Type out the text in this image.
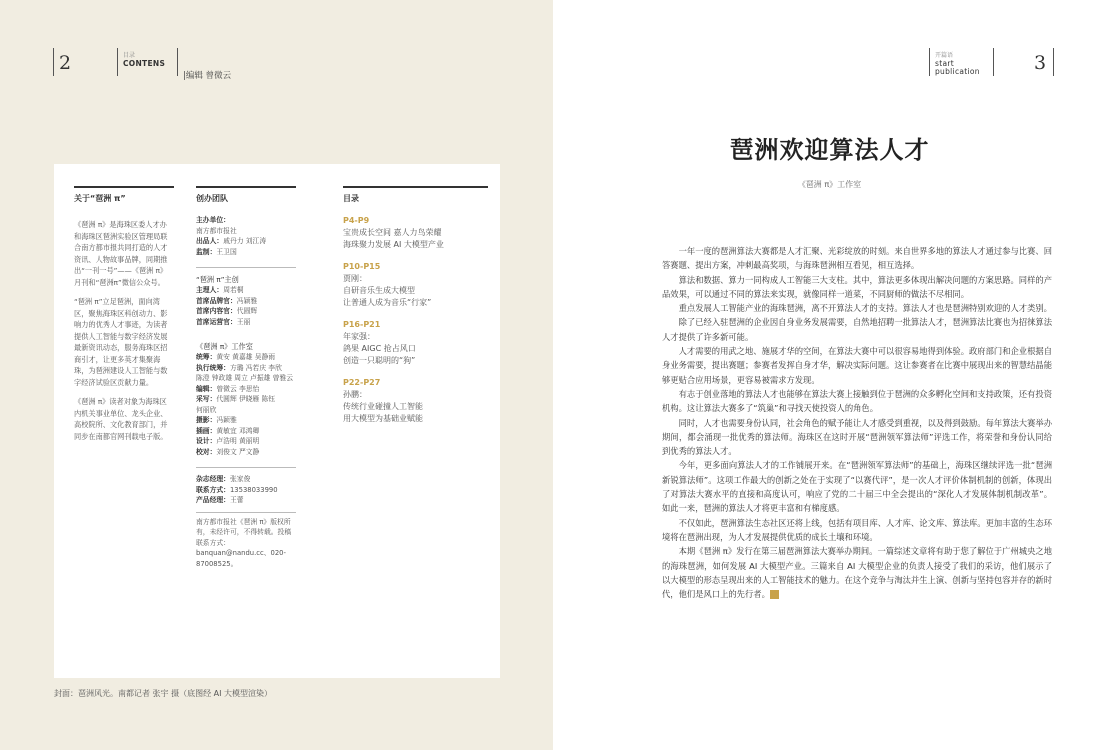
2	目录
CONTENS
|编辑 曾微云
关于“琶洲 π”

《琶洲 π》是海珠区委人才办和海珠区琶洲实验区管理局联合南方都市报共同打造的人才资讯、人物故事品牌，同期推出“一刊一号”——《琶洲 π》月刊和“琶洲π”微信公众号。

“琶洲 π”立足琶洲，面向湾区，聚焦海珠区科创动力、影响力的优秀人才事迹，为读者提供人工智能与数字经济发展最新资讯动态，服务海珠区招商引才，让更多英才集聚海珠，为琶洲建设人工智能与数字经济试验区贡献力量。

《琶洲 π》读者对象为海珠区内机关事业单位、龙头企业、高校院所、文化教育部门，并同步在南都官网刊载电子版。

创办团队
主办单位：
南方都市报社
出品人：戚丹力 刘江涛
监制：王卫国
“琶洲 π”主创
主理人：周若桐
首席品牌官：冯颖雅
首席内容官：代圆辉
首席运营官：王丽
《琶洲 π》工作室
统筹：黄安 黄嘉雄 吴静雨
执行统筹：方璐 冯若庆 李欣
陈澄 钟政雄 周立 卢振雄 曾雅云
编辑：曾微云 李思怡
采写：代圆辉 伊晓雁 陈钰
何丽欣
摄影：冯颖雅
插画：黄敏宜 邓鸿卿
设计：卢浩明 黄丽明
校对：刘俊文 严文静
杂志经理：张家俊
联系方式：13538033990
产品经理：王蕾
南方都市报社《琶洲 π》版权所有，未经许可，不得转载。投稿联系方式：banquan@nandu.cc、020-87008525。
目录
P4-P9
宝贵成长空间 嘉人力鸟荣耀
海珠聚力发展 AI 大模型产业
P10-P15
贾刚：
自研音乐生成大模型
让普通人成为音乐“行家”
P16-P21
年家强：
鸽果 AIGC 抢占风口
创造一只聪明的“狗”
P22-P27
孙鹏：
传统行业碰撞人工智能
用大模型为基础业赋能
封面：琶洲风光。南都记者 张宇 摄（底图经 AI 大模型渲染）
开篇语
start
publication	3
琶洲欢迎算法人才
《琶洲 π》工作室

一年一度的琶洲算法大赛都是人才汇聚、光彩绽放的时刻。来自世界多地的算法人才通过参与比赛、回答赛题、提出方案，冲刺最高奖项，与海珠琶洲相互看见，相互选择。

算法和数据、算力一同构成人工智能三大支柱。其中，算法更多体现出解决问题的方案思路。同样的产品效果，可以通过不同的算法来实现，就像同样一道菜，不同厨师的做法不尽相同。

重点发展人工智能产业的海珠琶洲，离不开算法人才的支持。算法人才也是琶洲特别欢迎的人才类别。

除了已经入驻琶洲的企业因自身业务发展需要，自然地招聘一批算法人才，琶洲算法比赛也为招徕算法人才提供了许多新可能。

人才需要的用武之地、施展才华的空间，在算法大赛中可以很容易地得到体验。政府部门和企业根据自身业务需要，提出赛题；参赛者发挥自身才华，解决实际问题。这让参赛者在比赛中展现出来的智慧结晶能够更贴合应用场景，更容易被需求方发现。

有志于创业落地的算法人才也能够在算法大赛上接触到位于琶洲的众多孵化空间和支持政策，还有投资机构。这让算法大赛多了“筑巢”和寻找天使投资人的角色。

同时，人才也需要身份认同，社会角色的赋予能让人才感受到重视，以及得到鼓励。每年算法大赛举办期间，都会涌现一批优秀的算法师。海珠区在这时开展“琶洲领军算法师”评选工作，将荣誉和身份认同给到优秀的算法人才。

今年，更多面向算法人才的工作铺展开来。在“琶洲领军算法师”的基础上，海珠区继续评选一批“琶洲新锐算法师”。这项工作最大的创新之处在于实现了“以赛代评”，是一次人才评价体制机制的创新，体现出了对算法大赛水平的直接和高度认可，响应了党的二十届三中全会提出的“深化人才发展体制机制改革”。如此一来，琶洲的算法人才将更丰富和有梯度感。

不仅如此，琶洲算法生态社区还将上线，包括有项目库、人才库、论文库、算法库。更加丰富的生态环境将在琶洲出现，为人才发展提供优质的成长土壤和环境。

本期《琶洲 π》发行在第三届琶洲算法大赛举办期间。一篇综述文章将有助于您了解位于广州城央之地的海珠琶洲，如何发展 AI 大模型产业。三篇来自 AI 大模型企业的负责人接受了我们的采访，他们展示了以大模型的形态呈现出来的人工智能技术的魅力。在这个竞争与淘汰并生上演、创新与坚持包容并存的新时代，他们是风口上的先行者。	π
